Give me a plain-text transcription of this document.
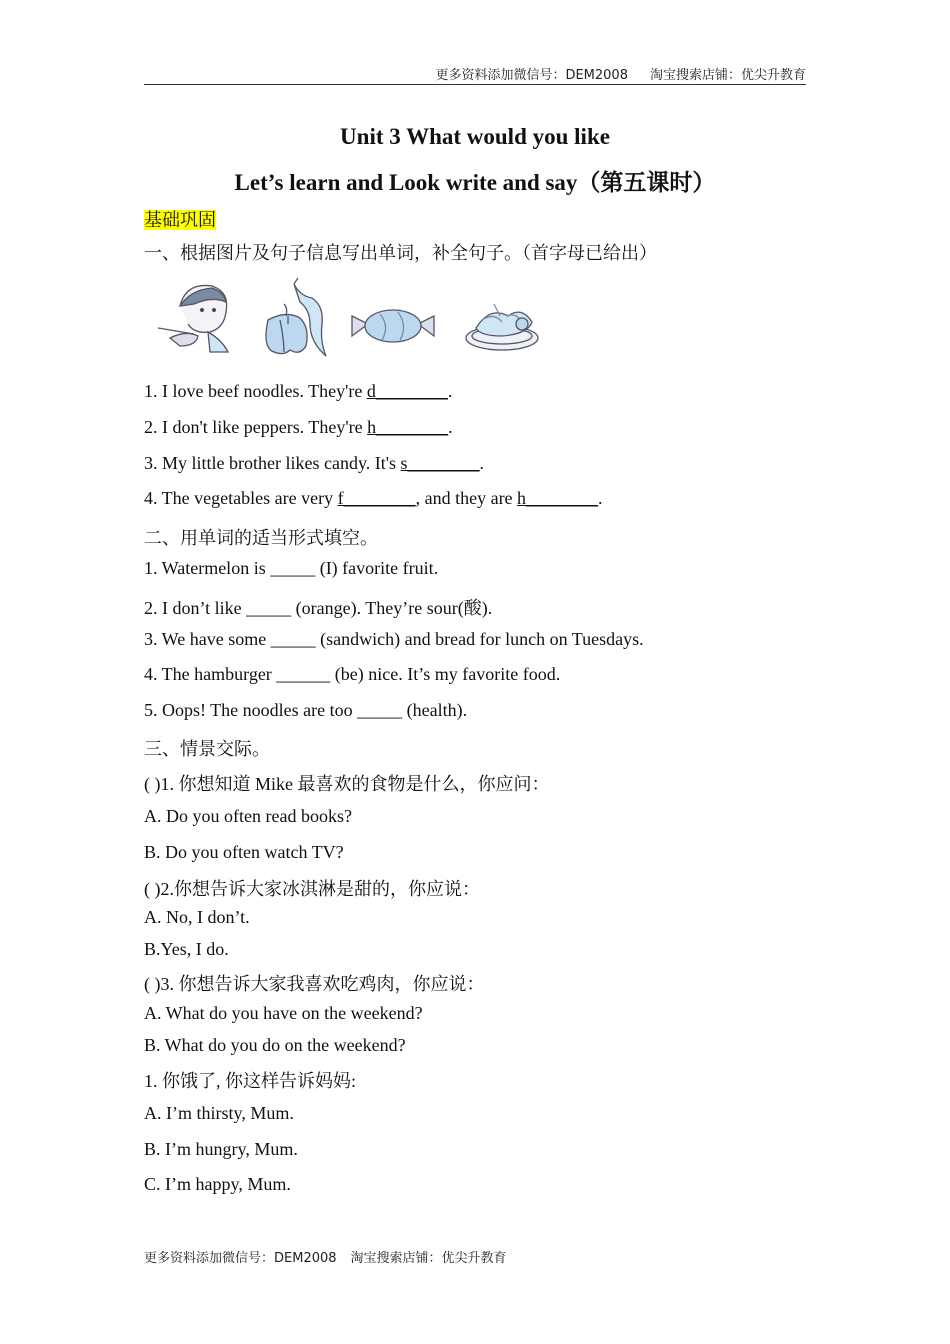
更多资料添加微信号：DEM2008 淘宝搜索店铺：优尖升教育
Unit 3 What would you like
Let’s learn and Look write and say（第五课时）
基础巩固
一、根据图片及句子信息写出单词，补全句子。（首字母已给出）
1. I love beef noodles. They're d________.
2. I don't like peppers. They're h________.
3. My little brother likes candy. It's s________.
4. The vegetables are very f________, and they are h________.
二、用单词的适当形式填空。
1. Watermelon is _____ (I) favorite fruit.
2. I don’t like _____ (orange). They’re sour(酸).
3. We have some _____ (sandwich) and bread for lunch on Tuesdays.
4. The hamburger ______ (be) nice. It’s my favorite food.
5. Oops! The noodles are too _____ (health).
三、情景交际。
( )1. 你想知道 Mike 最喜欢的食物是什么，你应问：
A. Do you often read books?
B. Do you often watch TV?
( )2.你想告诉大家冰淇淋是甜的，你应说：
A. No, I don’t.
B.Yes, I do.
( )3. 你想告诉大家我喜欢吃鸡肉，你应说：
A. What do you have on the weekend?
B. What do you do on the weekend?
1. 你饿了, 你这样告诉妈妈:
A. I’m thirsty, Mum.
B. I’m hungry, Mum.
C. I’m happy, Mum.
更多资料添加微信号：DEM2008 淘宝搜索店铺：优尖升教育
